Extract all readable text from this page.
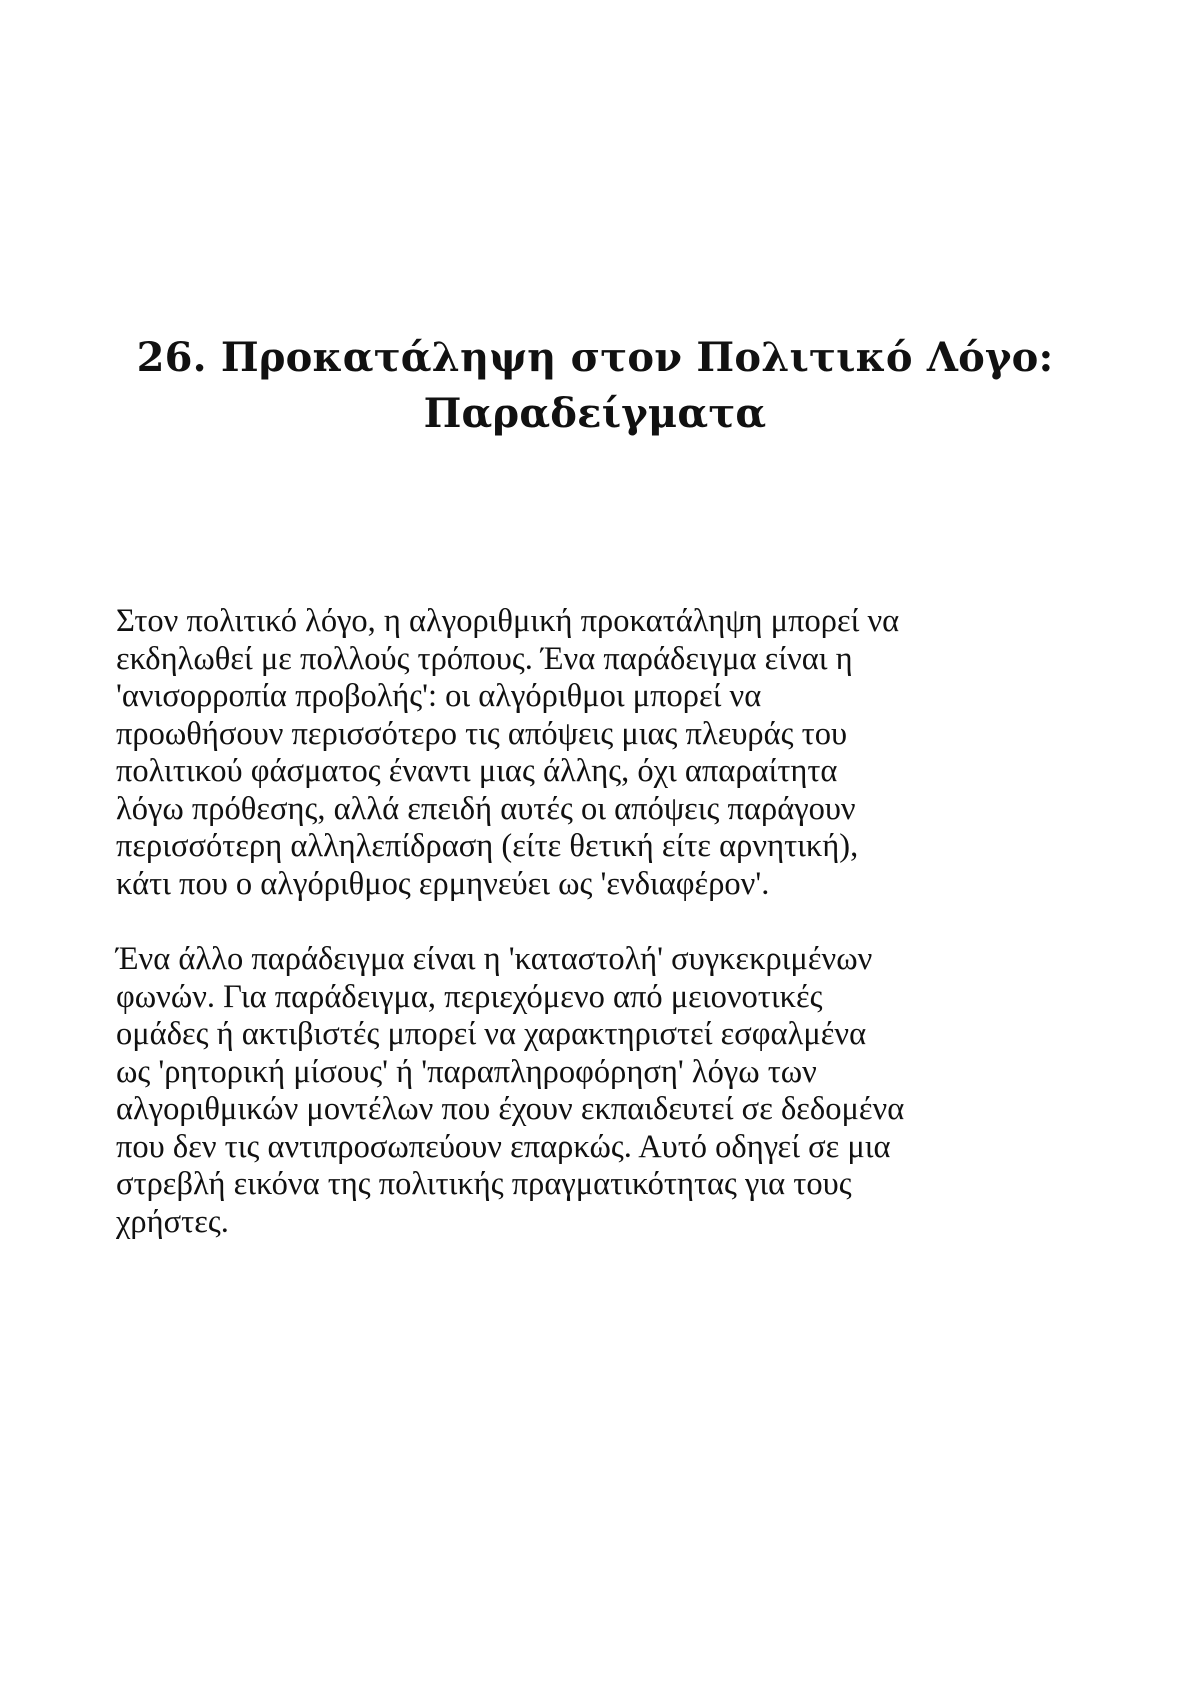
26. Προκατάληψη στον Πολιτικό Λόγο:
Παραδείγματα

Στον πολιτικό λόγο, η αλγοριθμική προκατάληψη μπορεί να
εκδηλωθεί με πολλούς τρόπους. Ένα παράδειγμα είναι η
'ανισορροπία προβολής': οι αλγόριθμοι μπορεί να
προωθήσουν περισσότερο τις απόψεις μιας πλευράς του
πολιτικού φάσματος έναντι μιας άλλης, όχι απαραίτητα
λόγω πρόθεσης, αλλά επειδή αυτές οι απόψεις παράγουν
περισσότερη αλληλεπίδραση (είτε θετική είτε αρνητική),
κάτι που ο αλγόριθμος ερμηνεύει ως 'ενδιαφέρον'.

Ένα άλλο παράδειγμα είναι η 'καταστολή' συγκεκριμένων
φωνών. Για παράδειγμα, περιεχόμενο από μειονοτικές
ομάδες ή ακτιβιστές μπορεί να χαρακτηριστεί εσφαλμένα
ως 'ρητορική μίσους' ή 'παραπληροφόρηση' λόγω των
αλγοριθμικών μοντέλων που έχουν εκπαιδευτεί σε δεδομένα
που δεν τις αντιπροσωπεύουν επαρκώς. Αυτό οδηγεί σε μια
στρεβλή εικόνα της πολιτικής πραγματικότητας για τους
χρήστες.
